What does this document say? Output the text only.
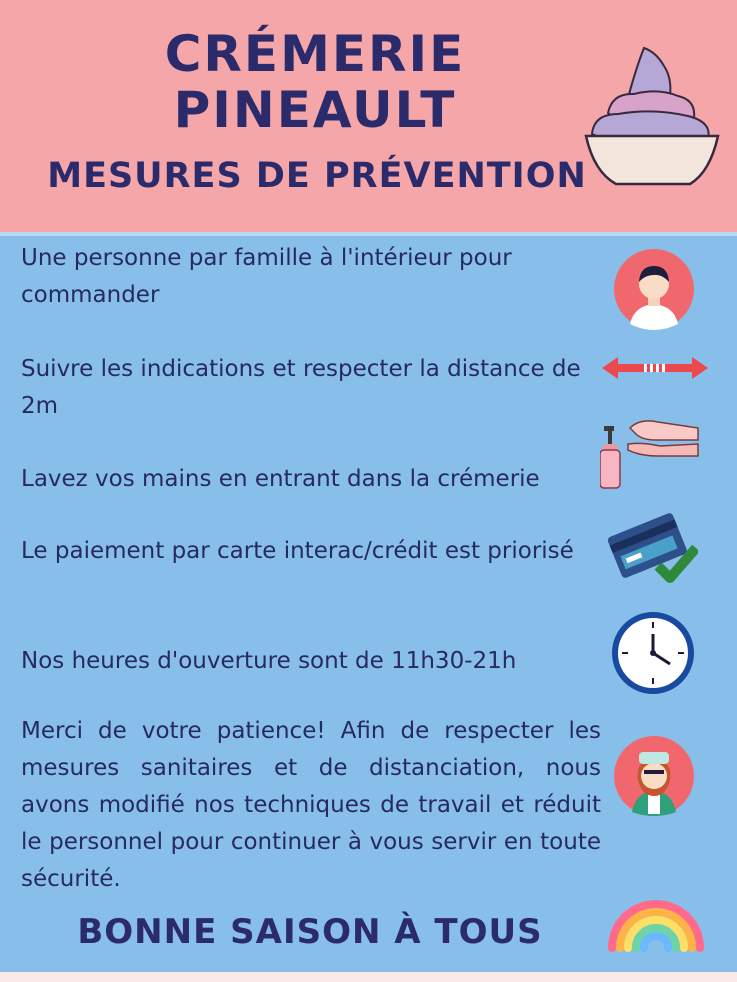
CRÉMERIE
PINEAULT
MESURES DE PRÉVENTION

Une personne par famille à l'intérieur pour commander

Suivre les indications et respecter la distance de 2m

Lavez vos mains en entrant dans la crémerie

Le paiement par carte interac/crédit est priorisé

Nos heures d'ouverture sont de 11h30-21h

Merci de votre patience! Afin de respecter les mesures sanitaires et de distanciation, nous avons modifié nos techniques de travail et réduit le personnel pour continuer à vous servir en toute sécurité.

BONNE SAISON À TOUS
